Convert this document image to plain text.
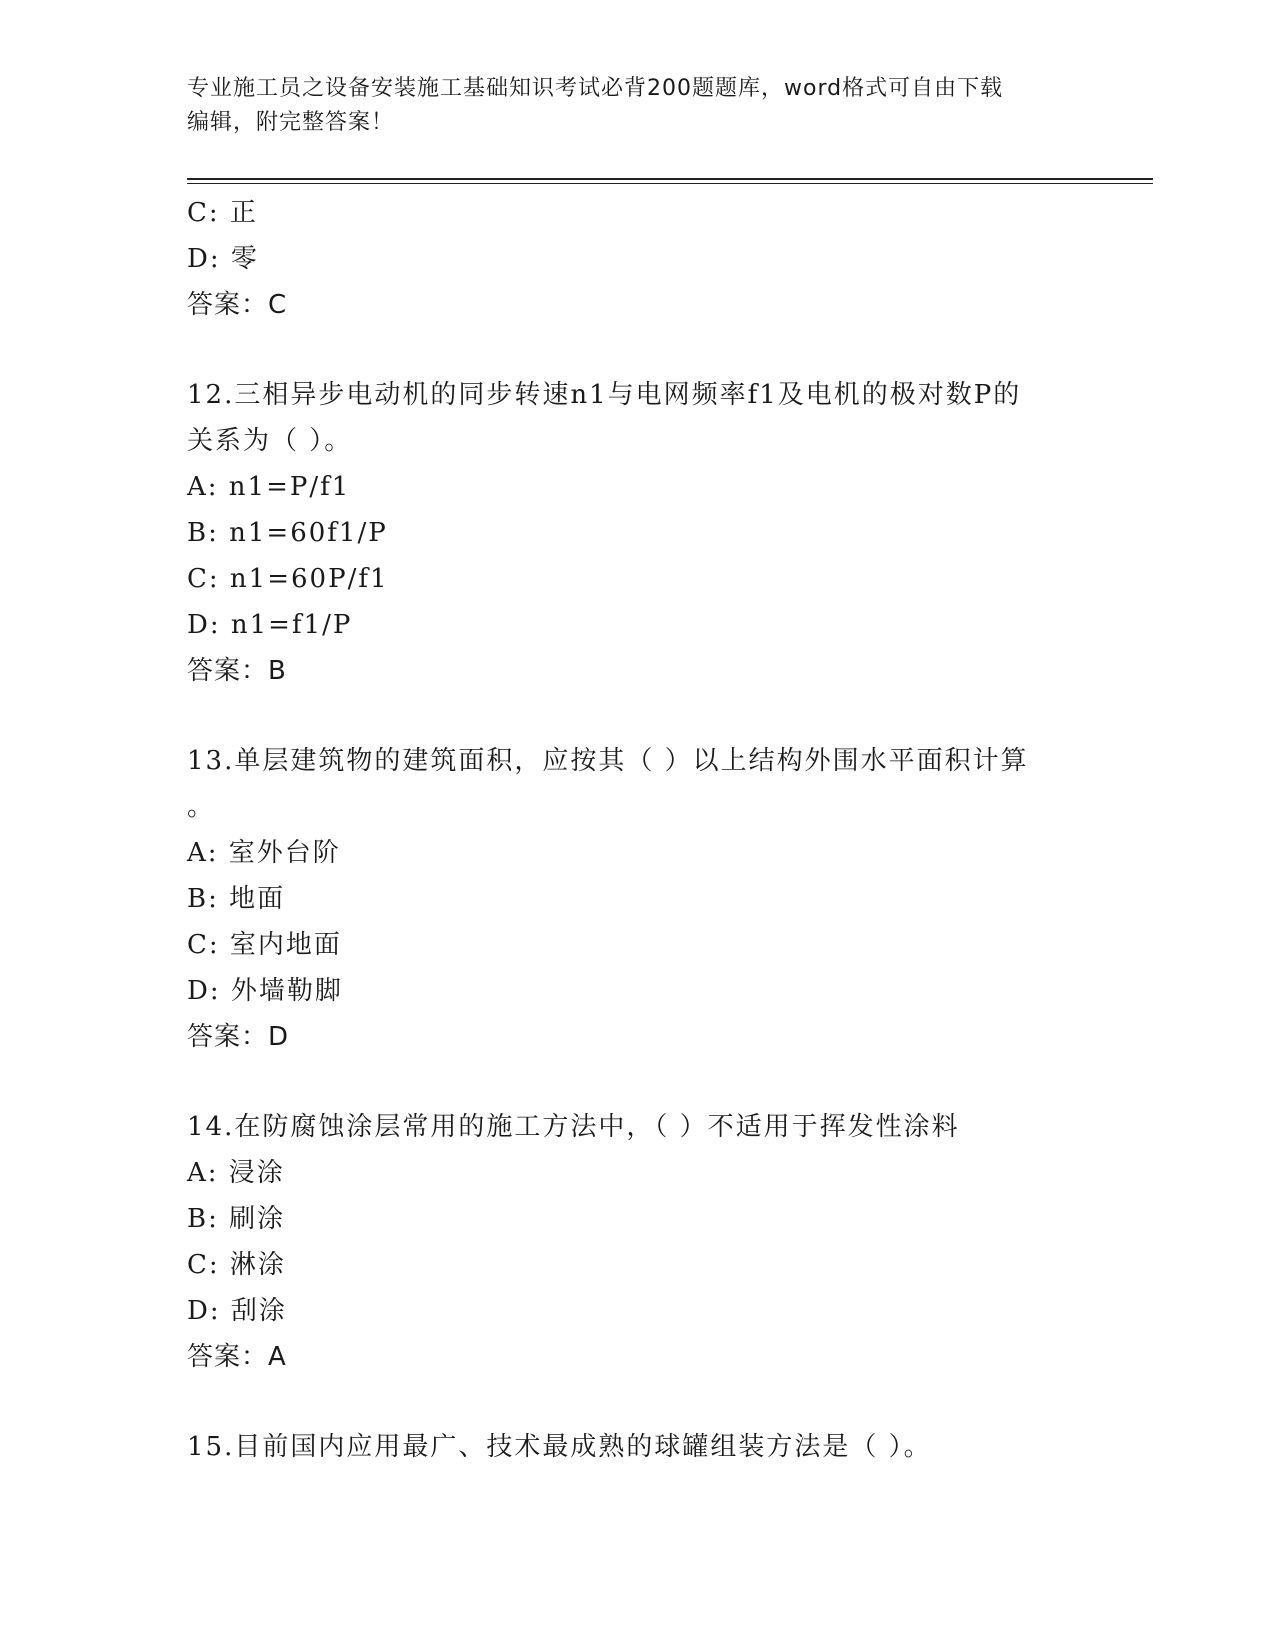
专业施工员之设备安装施工基础知识考试必背200题题库，word格式可自由下载
编辑，附完整答案！
C: 正
D: 零
答案：C
12.三相异步电动机的同步转速n1与电网频率f1及电机的极对数P的
关系为（ ）。
A: n1=P/f1
B: n1=60f1/P
C: n1=60P/f1
D: n1=f1/P
答案：B
13.单层建筑物的建筑面积，应按其（ ）以上结构外围水平面积计算
。
A: 室外台阶
B: 地面
C: 室内地面
D: 外墙勒脚
答案：D
14.在防腐蚀涂层常用的施工方法中，（ ）不适用于挥发性涂料
A: 浸涂
B: 刷涂
C: 淋涂
D: 刮涂
答案：A
15.目前国内应用最广、技术最成熟的球罐组装方法是（ ）。
